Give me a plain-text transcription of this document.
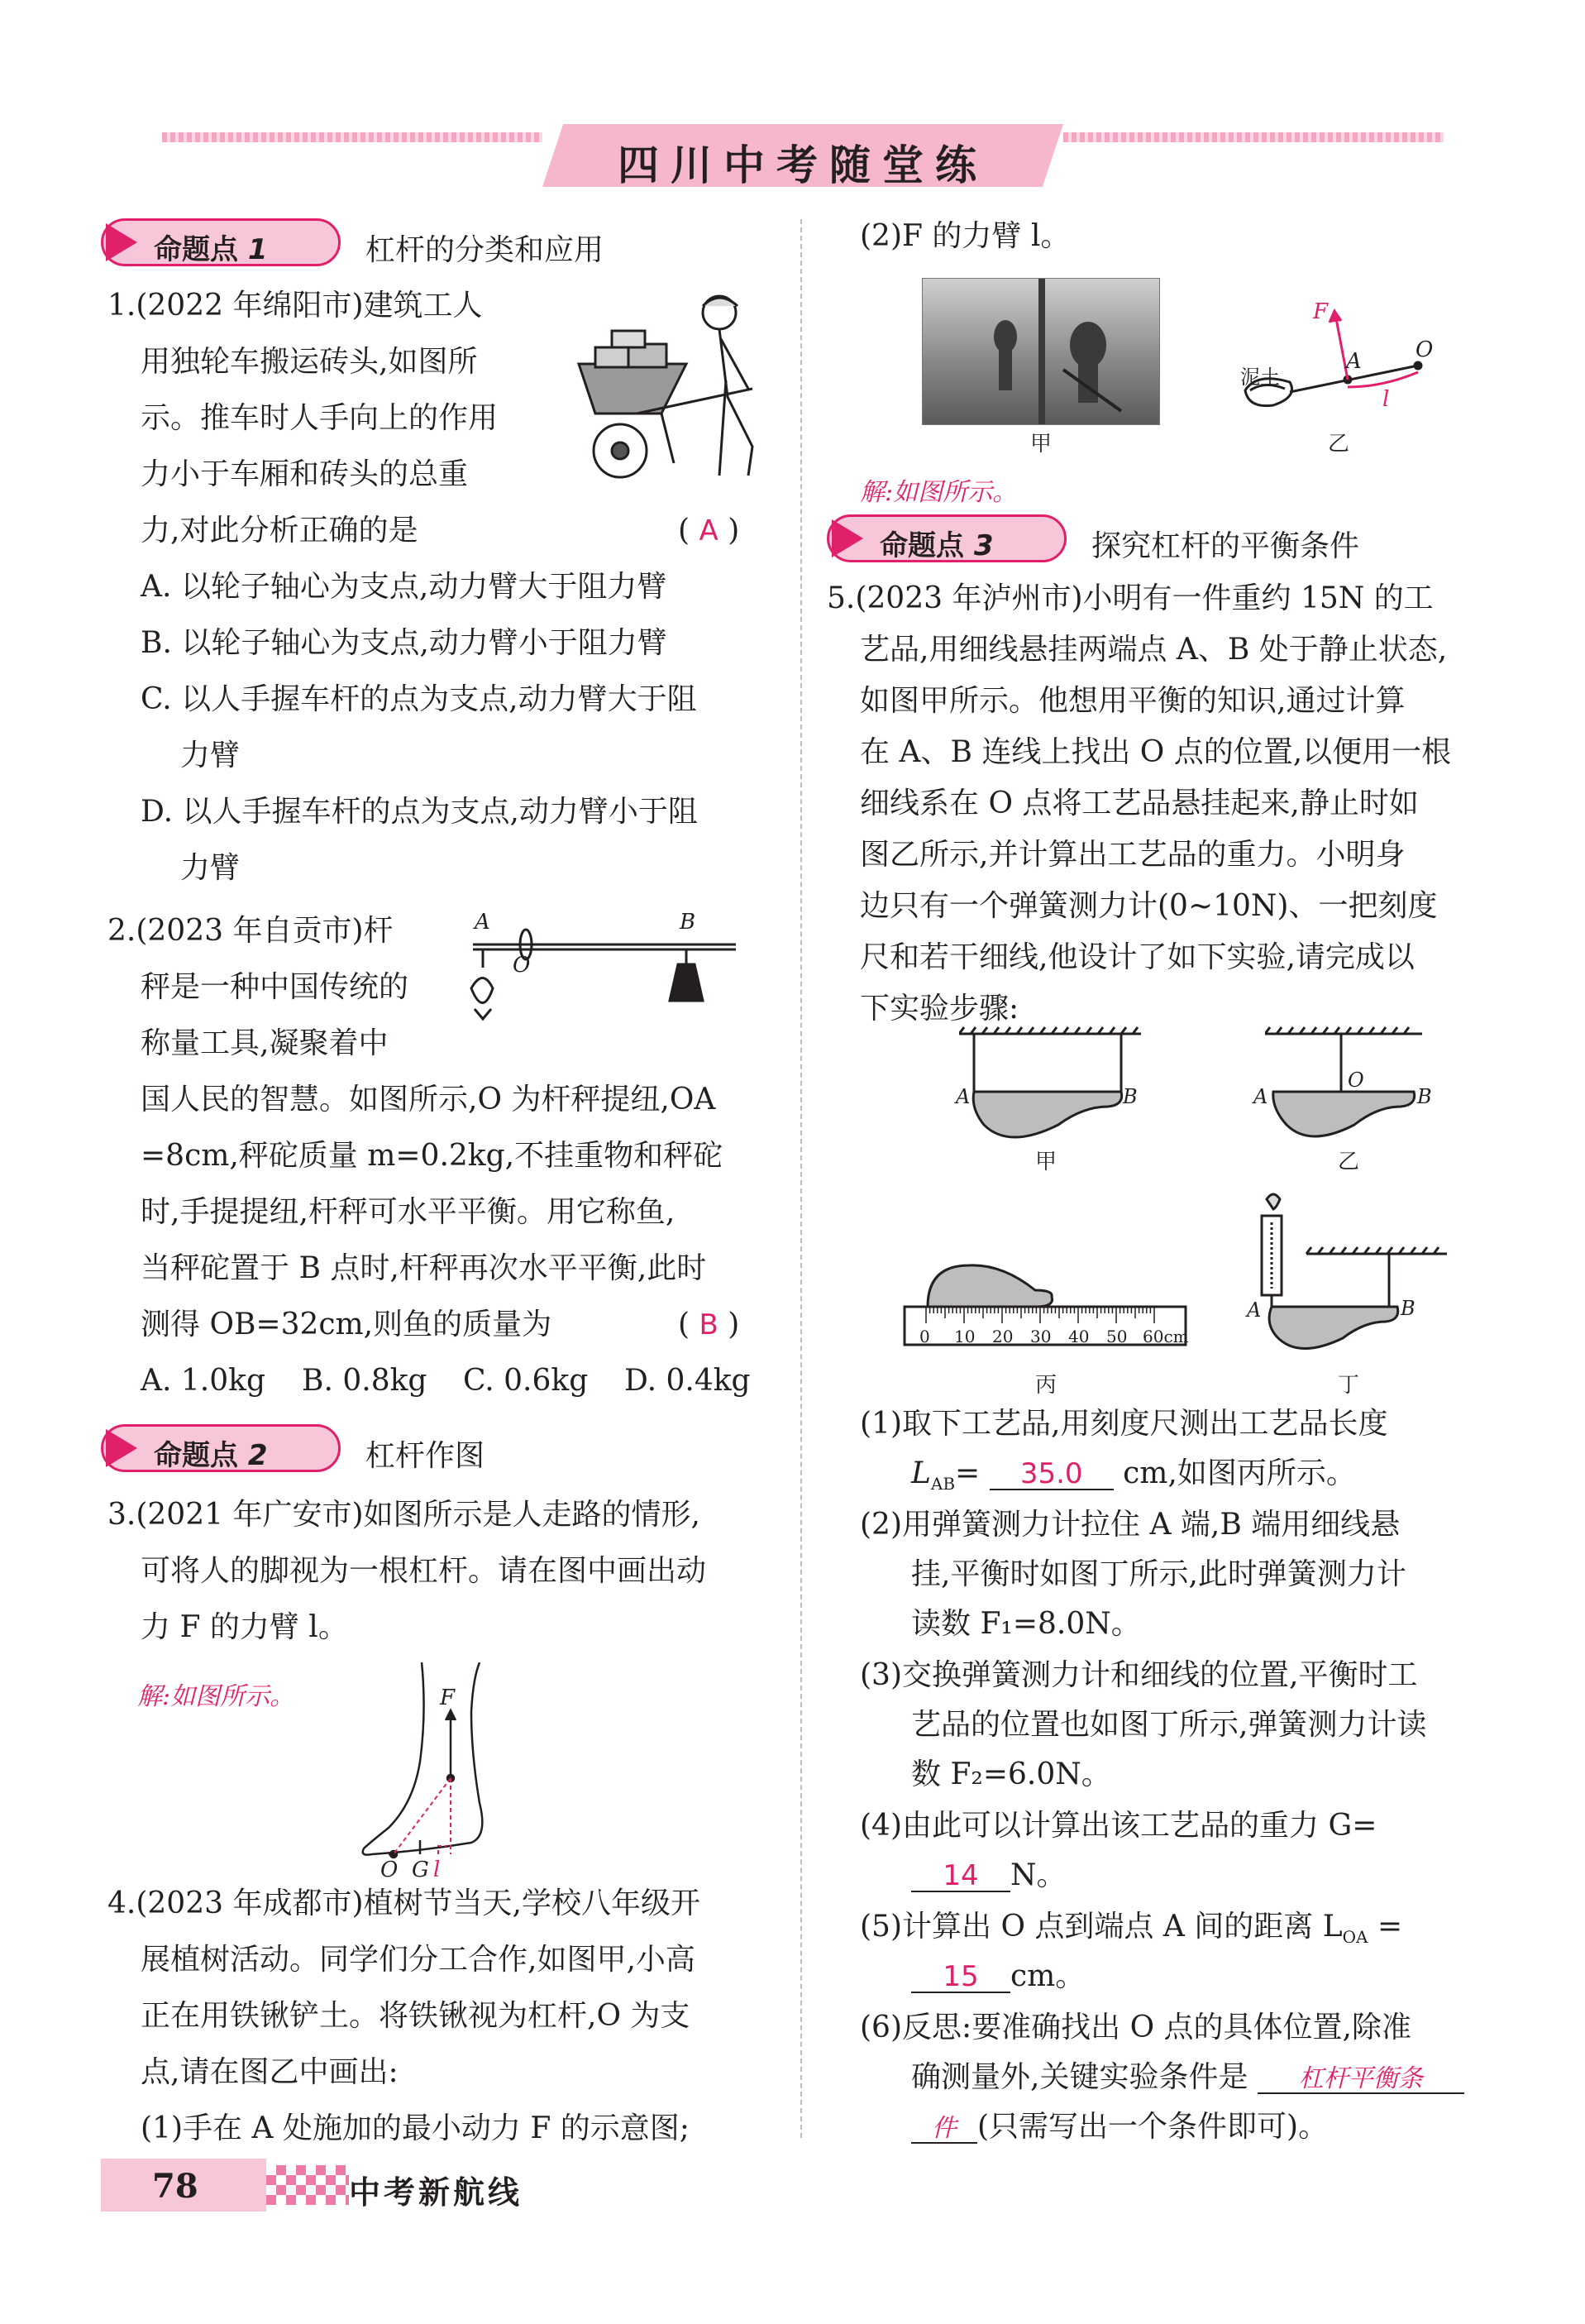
四川中考随堂练
命题点 1	杠杆的分类和应用
1.(2022 年绵阳市)建筑工人
用独轮车搬运砖头,如图所
示。推车时人手向上的作用
力小于车厢和砖头的总重
力,对此分析正确的是	( A )
A. 以轮子轴心为支点,动力臂大于阻力臂
B. 以轮子轴心为支点,动力臂小于阻力臂
C. 以人手握车杆的点为支点,动力臂大于阻
力臂
D. 以人手握车杆的点为支点,动力臂小于阻
力臂
2.(2023 年自贡市)杆
秤是一种中国传统的
称量工具,凝聚着中
国人民的智慧。如图所示,O 为杆秤提纽,OA
=8cm,秤砣质量 m=0.2kg,不挂重物和秤砣
时,手提提纽,杆秤可水平平衡。用它称鱼,
当秤砣置于 B 点时,杆秤再次水平平衡,此时
测得 OB=32cm,则鱼的质量为	( B )
A. 1.0kg B. 0.8kg C. 0.6kg D. 0.4kg
A	B
O
命题点 2	杠杆作图
3.(2021 年广安市)如图所示是人走路的情形,
可将人的脚视为一根杠杆。请在图中画出动
力 F 的力臂 l。
解:如图所示。	F
O G l
4.(2023 年成都市)植树节当天,学校八年级开
展植树活动。同学们分工合作,如图甲,小高
正在用铁锹铲土。将铁锹视为杠杆,O 为支
点,请在图乙中画出:
(1)手在 A 处施加的最小动力 F 的示意图;
(2)F 的力臂 l。
甲
泥土
F
A	O
l
乙
解:如图所示。
命题点 3	探究杠杆的平衡条件
5.(2023 年泸州市)小明有一件重约 15N 的工
艺品,用细线悬挂两端点 A、B 处于静止状态,
如图甲所示。他想用平衡的知识,通过计算
在 A、B 连线上找出 O 点的位置,以便用一根
细线系在 O 点将工艺品悬挂起来,静止时如
图乙所示,并计算出工艺品的重力。小明身
边只有一个弹簧测力计(0~10N)、一把刻度
尺和若干细线,他设计了如下实验,请完成以
下实验步骤:
A	B
甲
A
O
B
乙
0 10 20 30 40 50 60cm
丙
A	B
丁
(1)取下工艺品,用刻度尺测出工艺品长度
$L_{AB}= 35.0$ cm,如图丙所示。
(2)用弹簧测力计拉住 A 端,B 端用细线悬
挂,平衡时如图丁所示,此时弹簧测力计
读数 F₁=8.0N。
(3)交换弹簧测力计和细线的位置,平衡时工
艺品的位置也如图丁所示,弹簧测力计读
数 F₂=6.0N。
(4)由此可以计算出该工艺品的重力 G=
14 N。
(5)计算出 O 点到端点 A 间的距离 $L_{OA}$ =
15 cm。
(6)反思:要准确找出 O 点的具体位置,除准
确测量外,关键实验条件是 杠杆平衡条
件 (只需写出一个条件即可)。
78	中考新航线
